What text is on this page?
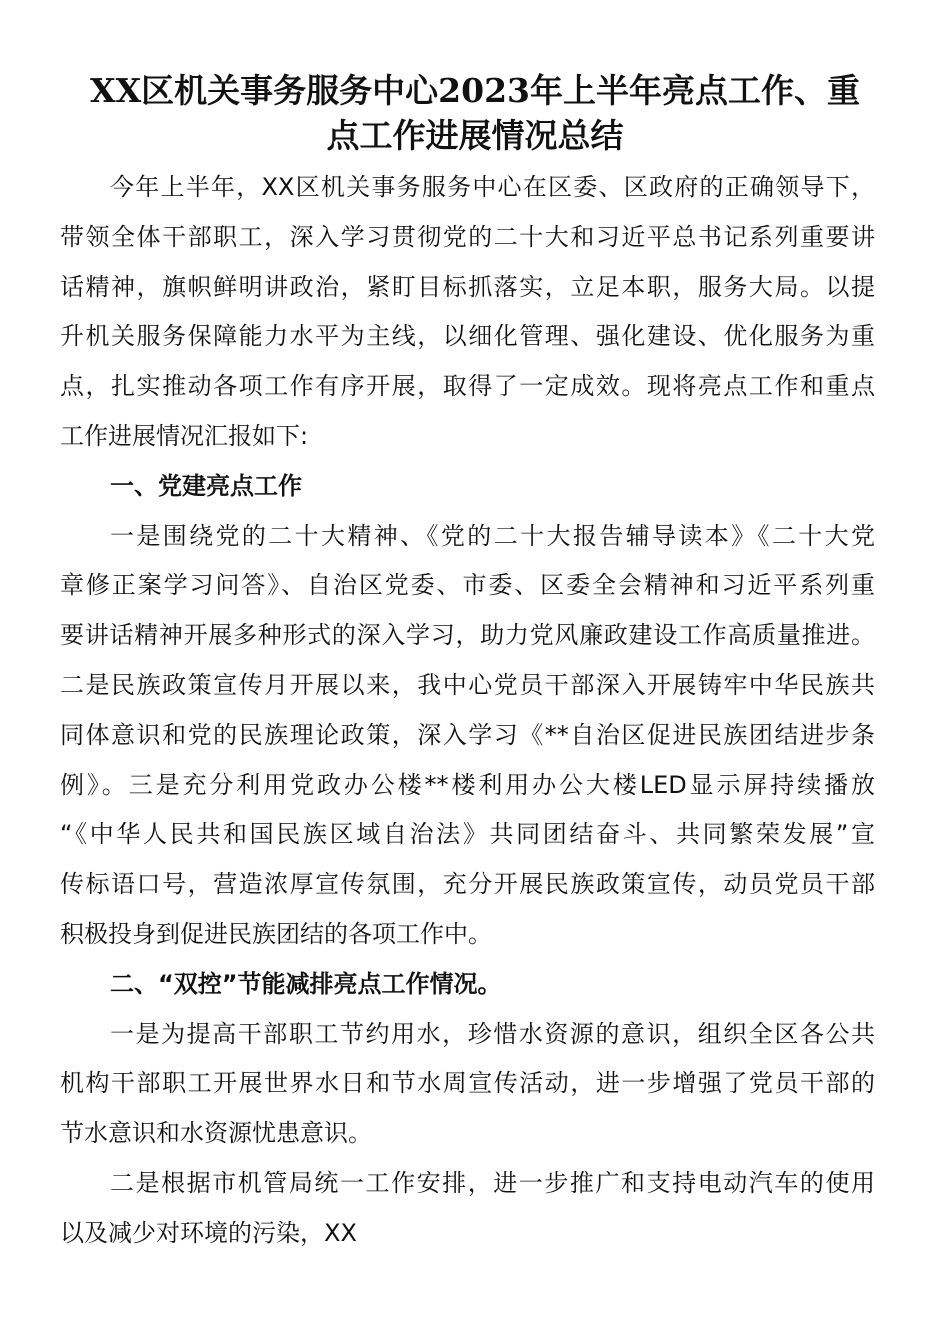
XX区机关事务服务中心2023年上半年亮点工作、重
点工作进展情况总结
今年上半年，XX区机关事务服务中心在区委、区政府的正确领导下，
带领全体干部职工，深入学习贯彻党的二十大和习近平总书记系列重要讲
话精神，旗帜鲜明讲政治，紧盯目标抓落实，立足本职，服务大局。以提
升机关服务保障能力水平为主线，以细化管理、强化建设、优化服务为重
点，扎实推动各项工作有序开展，取得了一定成效。现将亮点工作和重点
工作进展情况汇报如下:
一、党建亮点工作
一是围绕党的二十大精神、《党的二十大报告辅导读本》《二十大党
章修正案学习问答》、自治区党委、市委、区委全会精神和习近平系列重
要讲话精神开展多种形式的深入学习，助力党风廉政建设工作高质量推进。
二是民族政策宣传月开展以来，我中心党员干部深入开展铸牢中华民族共
同体意识和党的民族理论政策，深入学习《**自治区促进民族团结进步条
例》。三是充分利用党政办公楼**楼利用办公大楼LED显示屏持续播放
“《中华人民共和国民族区域自治法》共同团结奋斗、共同繁荣发展”宣
传标语口号，营造浓厚宣传氛围，充分开展民族政策宣传，动员党员干部
积极投身到促进民族团结的各项工作中。
二、“双控”节能减排亮点工作情况。
一是为提高干部职工节约用水，珍惜水资源的意识，组织全区各公共
机构干部职工开展世界水日和节水周宣传活动，进一步增强了党员干部的
节水意识和水资源忧患意识。
二是根据市机管局统一工作安排，进一步推广和支持电动汽车的使用
以及减少对环境的污染，XX
